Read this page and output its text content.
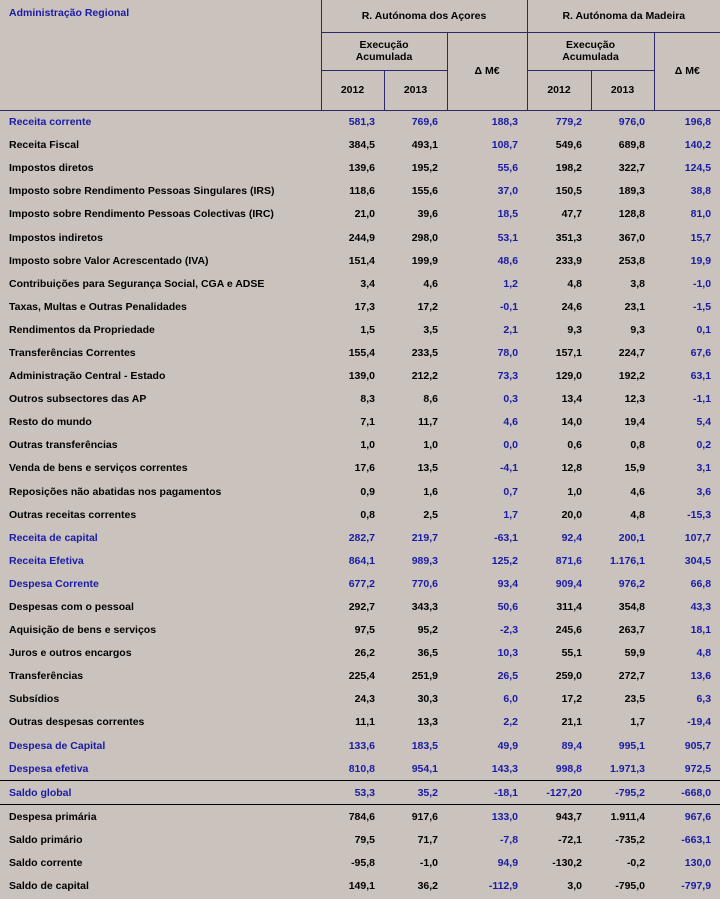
Administração Regional	R. Autónoma dos Açores			R. Autónoma da Madeira		
	Execução Acumulada		Δ M€	Execução Acumulada		Δ M€
	2012	2013		2012	2013	
Receita corrente	581,3	769,6	188,3	779,2	976,0	196,8
Receita Fiscal	384,5	493,1	108,7	549,6	689,8	140,2
Impostos diretos	139,6	195,2	55,6	198,2	322,7	124,5
Imposto sobre Rendimento Pessoas Singulares (IRS)	118,6	155,6	37,0	150,5	189,3	38,8
Imposto sobre Rendimento Pessoas Colectivas (IRC)	21,0	39,6	18,5	47,7	128,8	81,0
Impostos indiretos	244,9	298,0	53,1	351,3	367,0	15,7
Imposto sobre Valor Acrescentado (IVA)	151,4	199,9	48,6	233,9	253,8	19,9
Contribuições para Segurança Social, CGA e ADSE	3,4	4,6	1,2	4,8	3,8	-1,0
Taxas, Multas e Outras Penalidades	17,3	17,2	-0,1	24,6	23,1	-1,5
Rendimentos da Propriedade	1,5	3,5	2,1	9,3	9,3	0,1
Transferências Correntes	155,4	233,5	78,0	157,1	224,7	67,6
Administração Central - Estado	139,0	212,2	73,3	129,0	192,2	63,1
Outros subsectores das AP	8,3	8,6	0,3	13,4	12,3	-1,1
Resto do mundo	7,1	11,7	4,6	14,0	19,4	5,4
Outras transferências	1,0	1,0	0,0	0,6	0,8	0,2
Venda de bens e serviços correntes	17,6	13,5	-4,1	12,8	15,9	3,1
Reposições não abatidas nos pagamentos	0,9	1,6	0,7	1,0	4,6	3,6
Outras receitas correntes	0,8	2,5	1,7	20,0	4,8	-15,3
Receita de capital	282,7	219,7	-63,1	92,4	200,1	107,7
Receita Efetiva	864,1	989,3	125,2	871,6	1.176,1	304,5
Despesa Corrente	677,2	770,6	93,4	909,4	976,2	66,8
Despesas com o pessoal	292,7	343,3	50,6	311,4	354,8	43,3
Aquisição de bens e serviços	97,5	95,2	-2,3	245,6	263,7	18,1
Juros e outros encargos	26,2	36,5	10,3	55,1	59,9	4,8
Transferências	225,4	251,9	26,5	259,0	272,7	13,6
Subsídios	24,3	30,3	6,0	17,2	23,5	6,3
Outras despesas correntes	11,1	13,3	2,2	21,1	1,7	-19,4
Despesa de Capital	133,6	183,5	49,9	89,4	995,1	905,7
Despesa efetiva	810,8	954,1	143,3	998,8	1.971,3	972,5
Saldo global	53,3	35,2	-18,1	-127,20	-795,2	-668,0
Despesa primária	784,6	917,6	133,0	943,7	1.911,4	967,6
Saldo primário	79,5	71,7	-7,8	-72,1	-735,2	-663,1
Saldo corrente	-95,8	-1,0	94,9	-130,2	-0,2	130,0
Saldo de capital	149,1	36,2	-112,9	3,0	-795,0	-797,9
